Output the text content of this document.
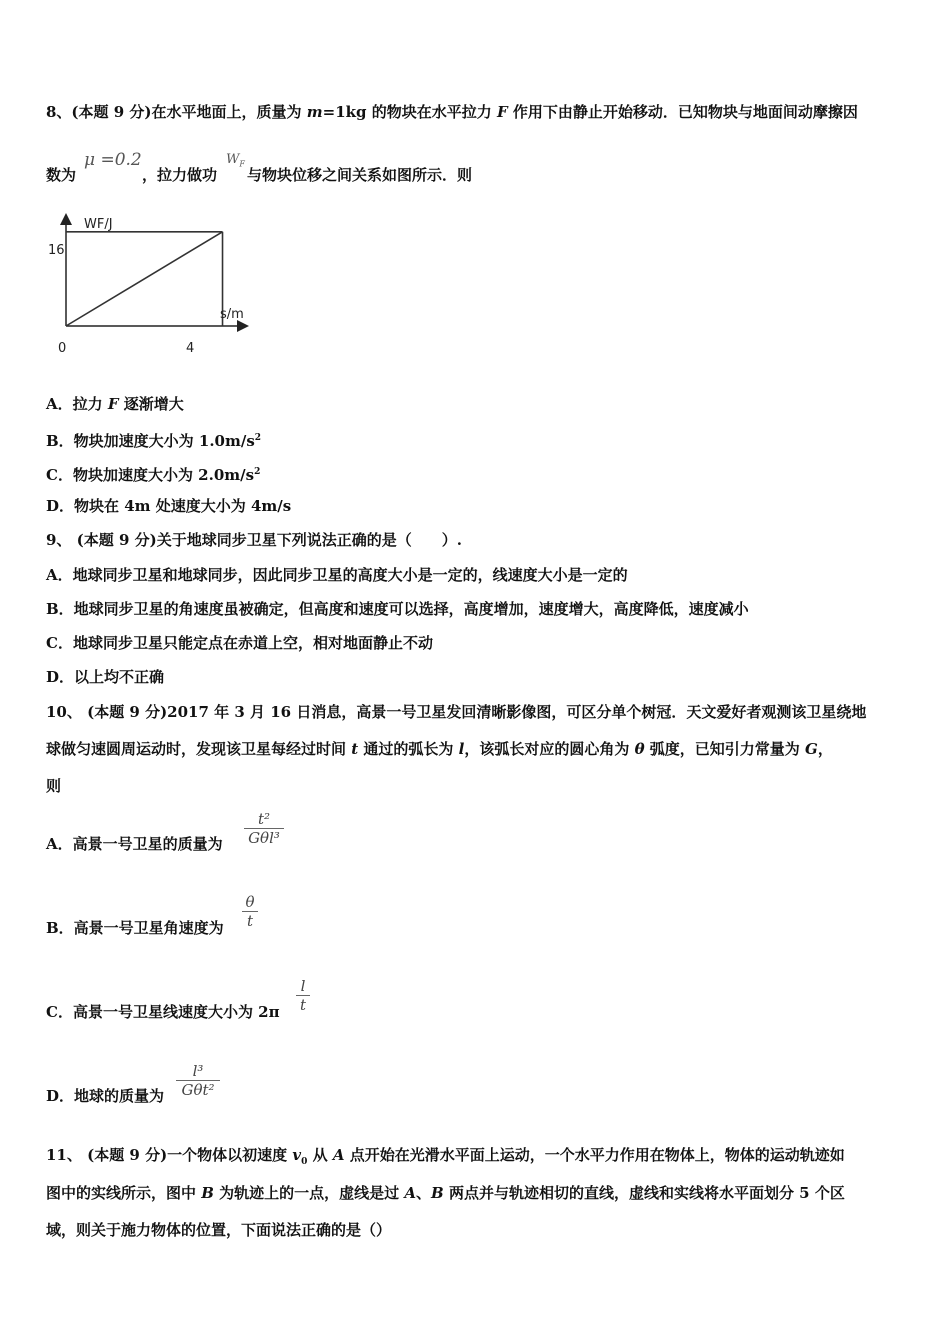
8、(本题 9 分)在水平地面上，质量为 m=1kg 的物块在水平拉力 F 作用下由静止开始移动．已知物块与地面间动摩擦因
数为
μ =0.2
，拉力做功
$W_F$
与物块位移之间关系如图所示．则
WF/J
s/m
16
0	4
A．拉力 F 逐渐增大
B．物块加速度大小为 $1.0m/s^2$
C．物块加速度大小为 $2.0m/s^2$
D．物块在 4m 处速度大小为 4m/s
9、 (本题 9 分)关于地球同步卫星下列说法正确的是（　　）.
A．地球同步卫星和地球同步，因此同步卫星的高度大小是一定的，线速度大小是一定的
B．地球同步卫星的角速度虽被确定，但高度和速度可以选择，高度增加，速度增大，高度降低，速度减小
C．地球同步卫星只能定点在赤道上空，相对地面静止不动
D．以上均不正确
10、 (本题 9 分)2017 年 3 月 16 日消息，高景一号卫星发回清晰影像图，可区分单个树冠．天文爱好者观测该卫星绕地
球做匀速圆周运动时，发现该卫星每经过时间 t 通过的弧长为 l，该弧长对应的圆心角为 θ 弧度，已知引力常量为 G，
则
A．高景一号卫星的质量为
t²
Gθl³
B．高景一号卫星角速度为
θ
t
C．高景一号卫星线速度大小为 2π
l
t
D．地球的质量为
l³
Gθt²
11、 (本题 9 分)一个物体以初速度 $v_0$ 从 A 点开始在光滑水平面上运动，一个水平力作用在物体上，物体的运动轨迹如
图中的实线所示，图中 B 为轨迹上的一点，虚线是过 A、B 两点并与轨迹相切的直线，虚线和实线将水平面划分 5 个区
域，则关于施力物体的位置，下面说法正确的是（）
